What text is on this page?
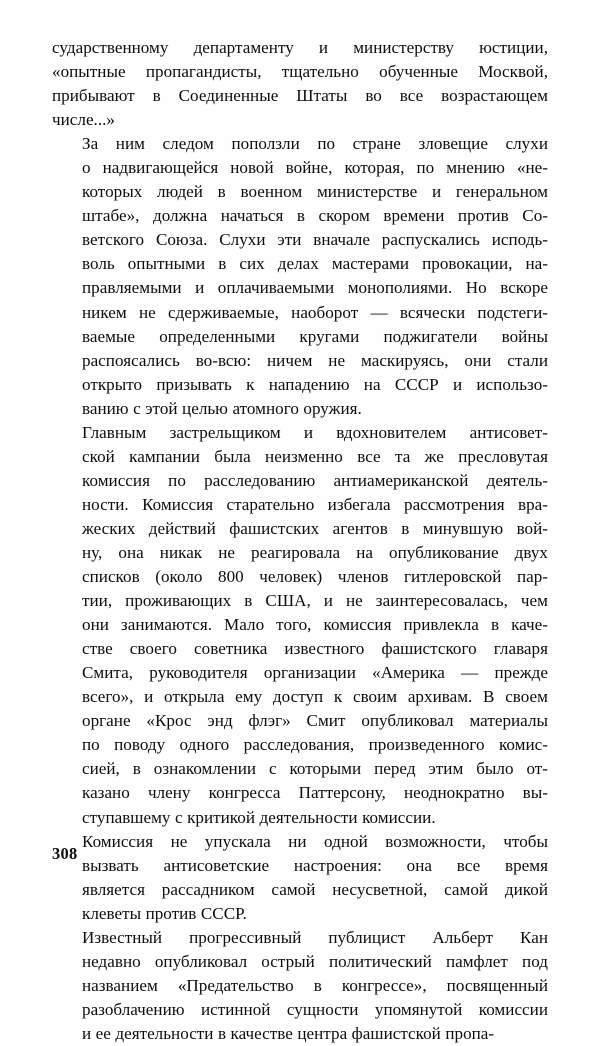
сударственному департаменту и министерству юстиции,
«опытные пропагандисты, тщательно обученные Москвой,
прибывают в Соединенные Штаты во все возрастающем
числе...»

За ним следом поползли по стране зловещие слухи
о надвигающейся новой войне, которая, по мнению «не-
которых людей в военном министерстве и генеральном
штабе», должна начаться в скором времени против Со-
ветского Союза. Слухи эти вначале распускались исподь-
воль опытными в сих делах мастерами провокации, на-
правляемыми и оплачиваемыми монополиями. Но вскоре
никем не сдерживаемые, наоборот — всячески подстеги-
ваемые определенными кругами поджигатели войны
распоясались во-всю: ничем не маскируясь, они стали
открыто призывать к нападению на СССР и использо-
ванию с этой целью атомного оружия.

Главным застрельщиком и вдохновителем антисовет-
ской кампании была неизменно все та же пресловутая
комиссия по расследованию антиамериканской деятель-
ности. Комиссия старательно избегала рассмотрения вра-
жеских действий фашистских агентов в минувшую вой-
ну, она никак не реагировала на опубликование двух
списков (около 800 человек) членов гитлеровской пар-
тии, проживающих в США, и не заинтересовалась, чем
они занимаются. Мало того, комиссия привлекла в каче-
стве своего советника известного фашистского главаря
Смита, руководителя организации «Америка — прежде
всего», и открыла ему доступ к своим архивам. В своем
органе «Крос энд флэг» Смит опубликовал материалы
по поводу одного расследования, произведенного комис-
сией, в ознакомлении с которыми перед этим было от-
казано члену конгресса Паттерсону, неоднократно вы-
ступавшему с критикой деятельности комиссии.

Комиссия не упускала ни одной возможности, чтобы
вызвать антисоветские настроения: она все время
является рассадником самой несусветной, самой дикой
клеветы против СССР.

Известный прогрессивный публицист Альберт Кан
недавно опубликовал острый политический памфлет под
названием «Предательство в конгрессе», посвященный
разоблачению истинной сущности упомянутой комиссии
и ее деятельности в качестве центра фашистской пропа-

308
